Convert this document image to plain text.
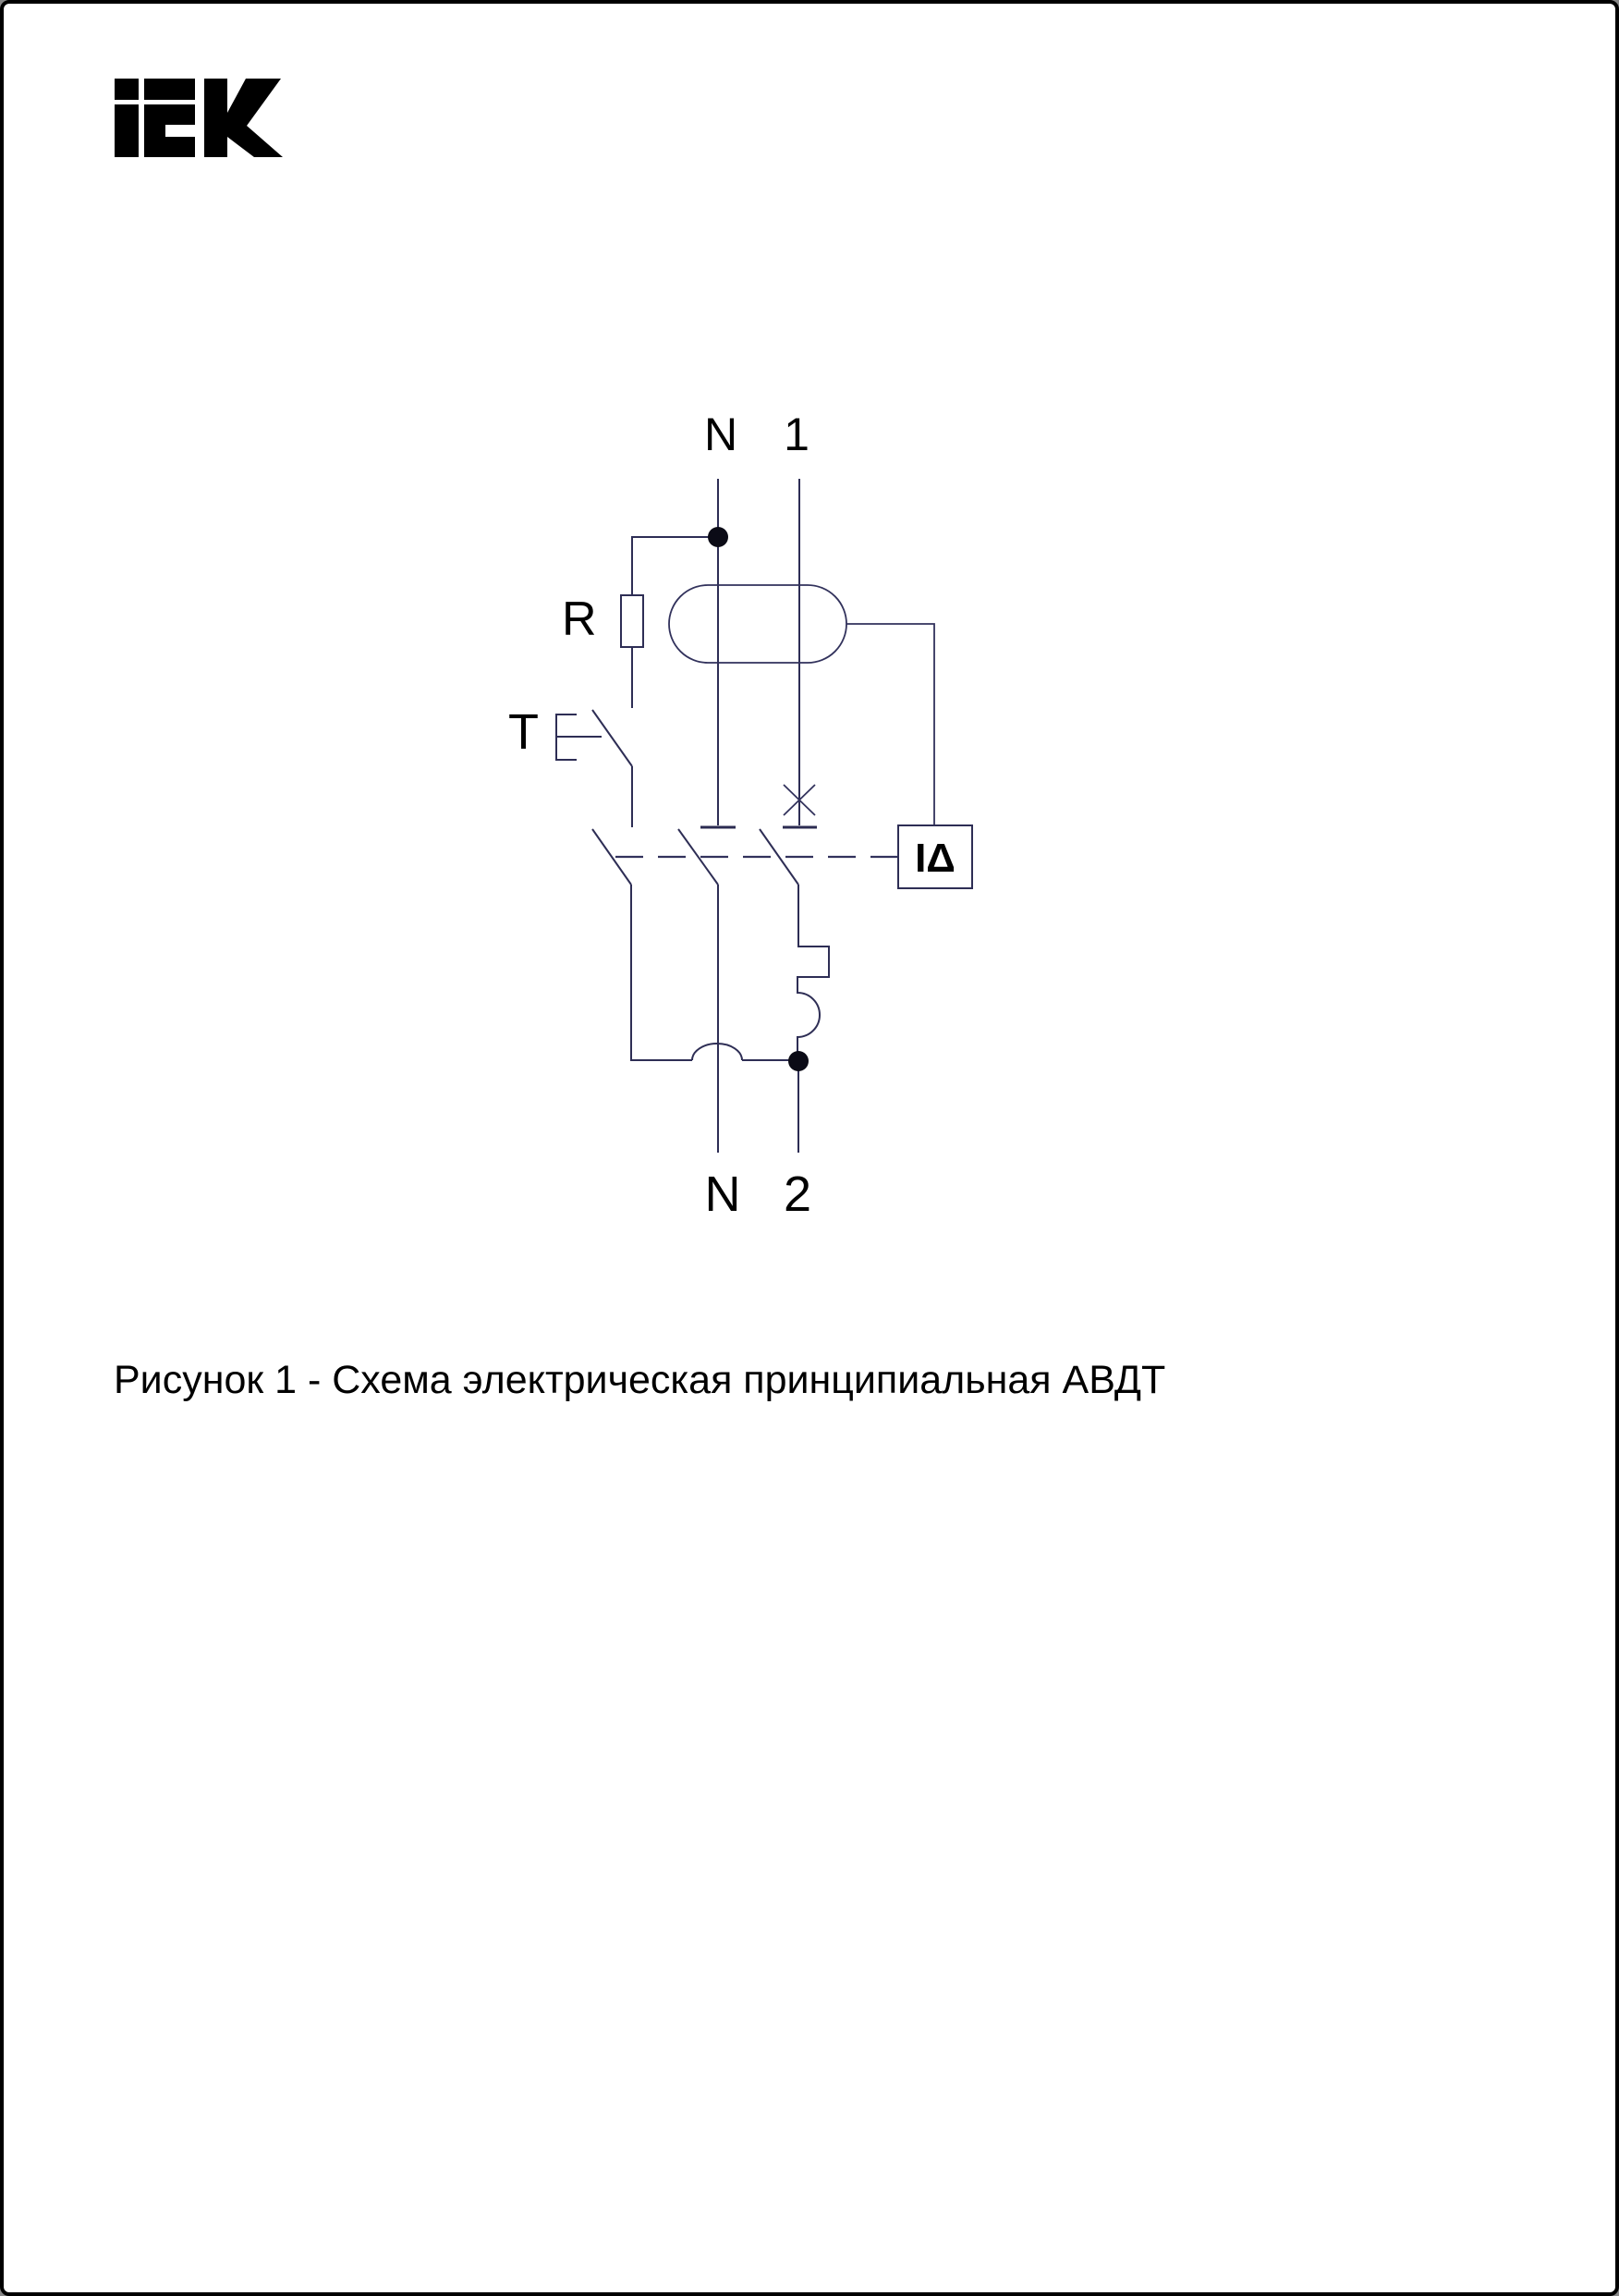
IΔ
N 1
N 2
R
T
Рисунок 1 - Схема электрическая принципиальная АВДТ
